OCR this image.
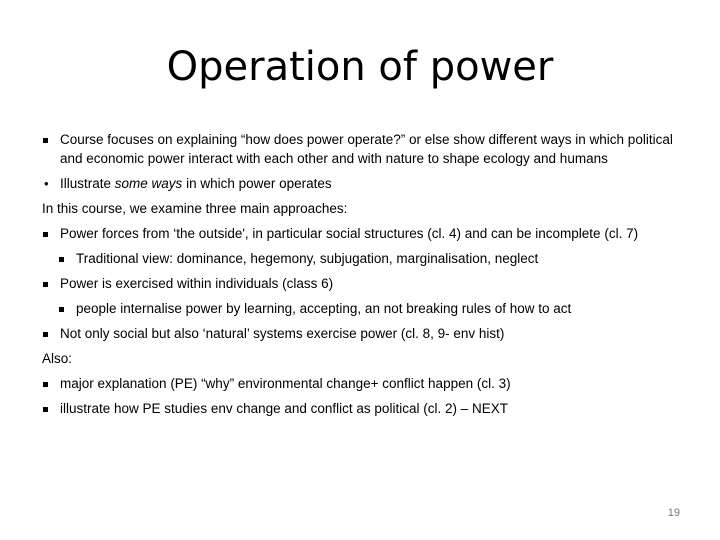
Operation of power
Course focuses on explaining “how does power operate?” or else show different ways in which political and economic power interact with each other and with nature to shape ecology and humans
Illustrate some ways in which power operates
In this course, we examine three main approaches:
Power forces from ‘the outside', in particular social structures (cl. 4) and can be incomplete (cl. 7)
Traditional view: dominance, hegemony, subjugation, marginalisation, neglect
Power is exercised within individuals (class 6)
people internalise power by learning, accepting, an not breaking rules of how to act
Not only social but also ‘natural’ systems exercise power (cl. 8, 9- env hist)
Also:
major explanation (PE) “why” environmental change+ conflict happen (cl. 3)
illustrate how PE studies env change and conflict as political (cl. 2) – NEXT
19
